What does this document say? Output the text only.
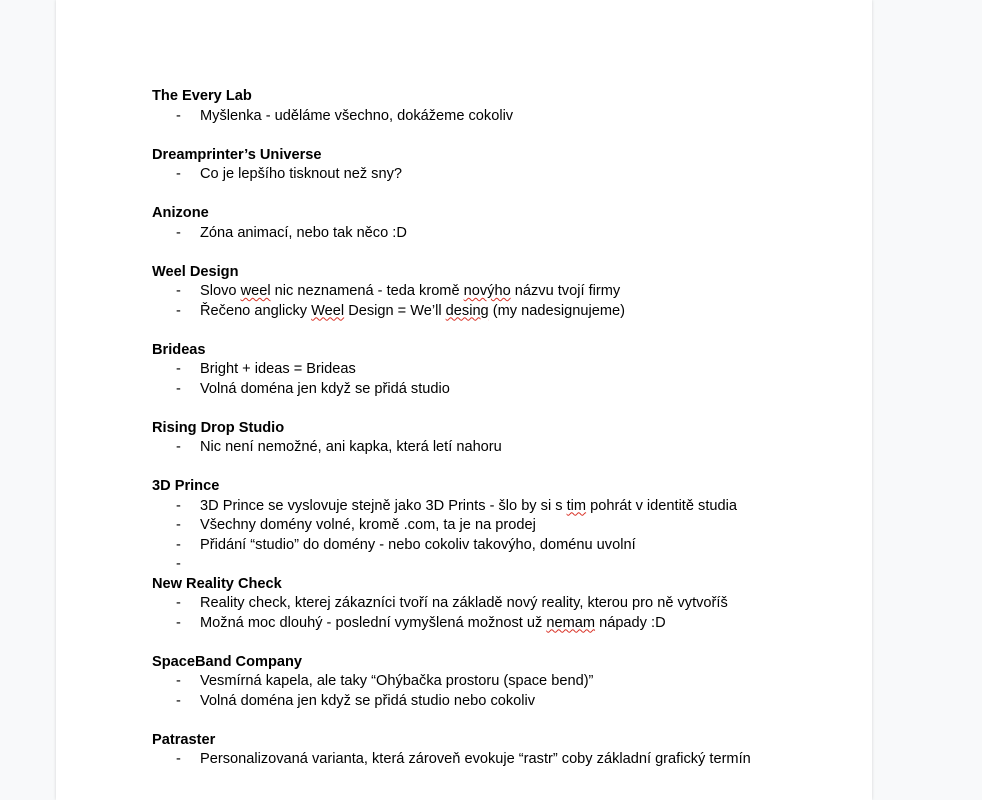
The Every Lab
- Myšlenka - uděláme všechno, dokážeme cokoliv
Dreamprinter’s Universe
- Co je lepšího tisknout než sny?
Anizone
- Zóna animací, nebo tak něco :D
Weel Design
- Slovo weel nic neznamená - teda kromě novýho názvu tvojí firmy
- Řečeno anglicky Weel Design = We’ll desing (my nadesignujeme)
Brideas
- Bright + ideas = Brideas
- Volná doména jen když se přidá studio
Rising Drop Studio
- Nic není nemožné, ani kapka, která letí nahoru
3D Prince
- 3D Prince se vyslovuje stejně jako 3D Prints - šlo by si s tim pohrát v identitě studia
- Všechny domény volné, kromě .com, ta je na prodej
- Přidání “studio” do domény - nebo cokoliv takovýho, doménu uvolní
-
New Reality Check
- Reality check, kterej zákazníci tvoří na základě nový reality, kterou pro ně vytvoříš
- Možná moc dlouhý - poslední vymyšlená možnost už nemam nápady :D
SpaceBand Company
- Vesmírná kapela, ale taky “Ohýbačka prostoru (space bend)”
- Volná doména jen když se přidá studio nebo cokoliv
Patraster
- Personalizovaná varianta, která zároveň evokuje “rastr” coby základní grafický termín
